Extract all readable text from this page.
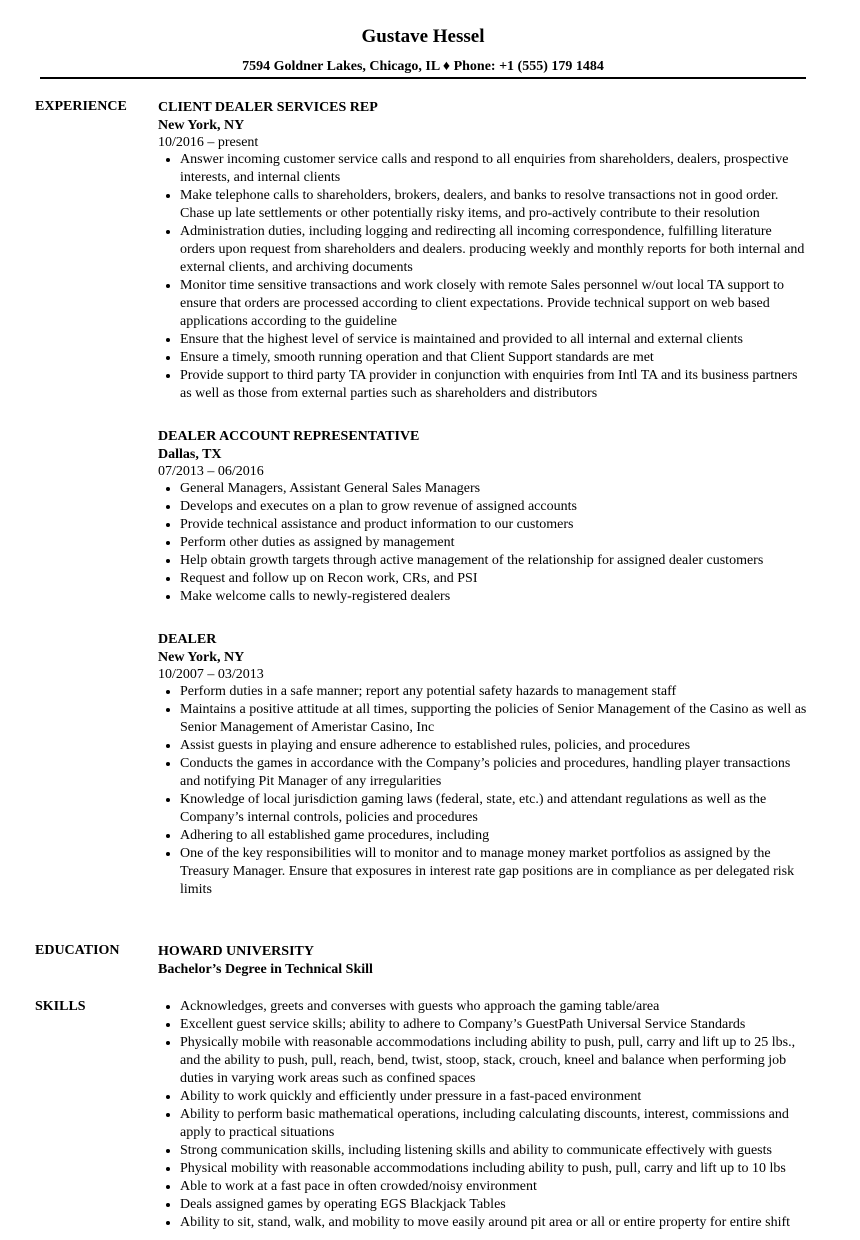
Gustave Hessel
7594 Goldner Lakes, Chicago, IL ♦ Phone: +1 (555) 179 1484
EXPERIENCE CLIENT DEALER SERVICES REP
New York, NY
10/2016 – present
• Answer incoming customer service calls and respond to all enquiries from shareholders, dealers, prospective interests, and internal clients
• Make telephone calls to shareholders, brokers, dealers, and banks to resolve transactions not in good order. Chase up late settlements or other potentially risky items, and pro-actively contribute to their resolution
• Administration duties, including logging and redirecting all incoming correspondence, fulfilling literature orders upon request from shareholders and dealers. producing weekly and monthly reports for both internal and external clients, and archiving documents
• Monitor time sensitive transactions and work closely with remote Sales personnel w/out local TA support to ensure that orders are processed according to client expectations. Provide technical support on web based applications according to the guideline
• Ensure that the highest level of service is maintained and provided to all internal and external clients
• Ensure a timely, smooth running operation and that Client Support standards are met
• Provide support to third party TA provider in conjunction with enquiries from Intl TA and its business partners as well as those from external parties such as shareholders and distributors
DEALER ACCOUNT REPRESENTATIVE
Dallas, TX
07/2013 – 06/2016
• General Managers, Assistant General Sales Managers
• Develops and executes on a plan to grow revenue of assigned accounts
• Provide technical assistance and product information to our customers
• Perform other duties as assigned by management
• Help obtain growth targets through active management of the relationship for assigned dealer customers
• Request and follow up on Recon work, CRs, and PSI
• Make welcome calls to newly-registered dealers
DEALER
New York, NY
10/2007 – 03/2013
• Perform duties in a safe manner; report any potential safety hazards to management staff
• Maintains a positive attitude at all times, supporting the policies of Senior Management of the Casino as well as Senior Management of Ameristar Casino, Inc
• Assist guests in playing and ensure adherence to established rules, policies, and procedures
• Conducts the games in accordance with the Company’s policies and procedures, handling player transactions and notifying Pit Manager of any irregularities
• Knowledge of local jurisdiction gaming laws (federal, state, etc.) and attendant regulations as well as the Company’s internal controls, policies and procedures
• Adhering to all established game procedures, including
• One of the key responsibilities will to monitor and to manage money market portfolios as assigned by the Treasury Manager. Ensure that exposures in interest rate gap positions are in compliance as per delegated risk limits
EDUCATION	HOWARD UNIVERSITY
Bachelor’s Degree in Technical Skill
SKILLS
•	Acknowledges, greets and converses with guests who approach the gaming table/area
• Excellent guest service skills; ability to adhere to Company’s GuestPath Universal Service Standards
• Physically mobile with reasonable accommodations including ability to push, pull, carry and lift up to 25 lbs., and the ability to push, pull, reach, bend, twist, stoop, stack, crouch, kneel and balance when performing job duties in varying work areas such as confined spaces
• Ability to work quickly and efficiently under pressure in a fast-paced environment
• Ability to perform basic mathematical operations, including calculating discounts, interest, commissions and apply to practical situations
• Strong communication skills, including listening skills and ability to communicate effectively with guests
• Physical mobility with reasonable accommodations including ability to push, pull, carry and lift up to 10 lbs
• Able to work at a fast pace in often crowded/noisy environment
• Deals assigned games by operating EGS Blackjack Tables
• Ability to sit, stand, walk, and mobility to move easily around pit area or all or entire property for entire shift
